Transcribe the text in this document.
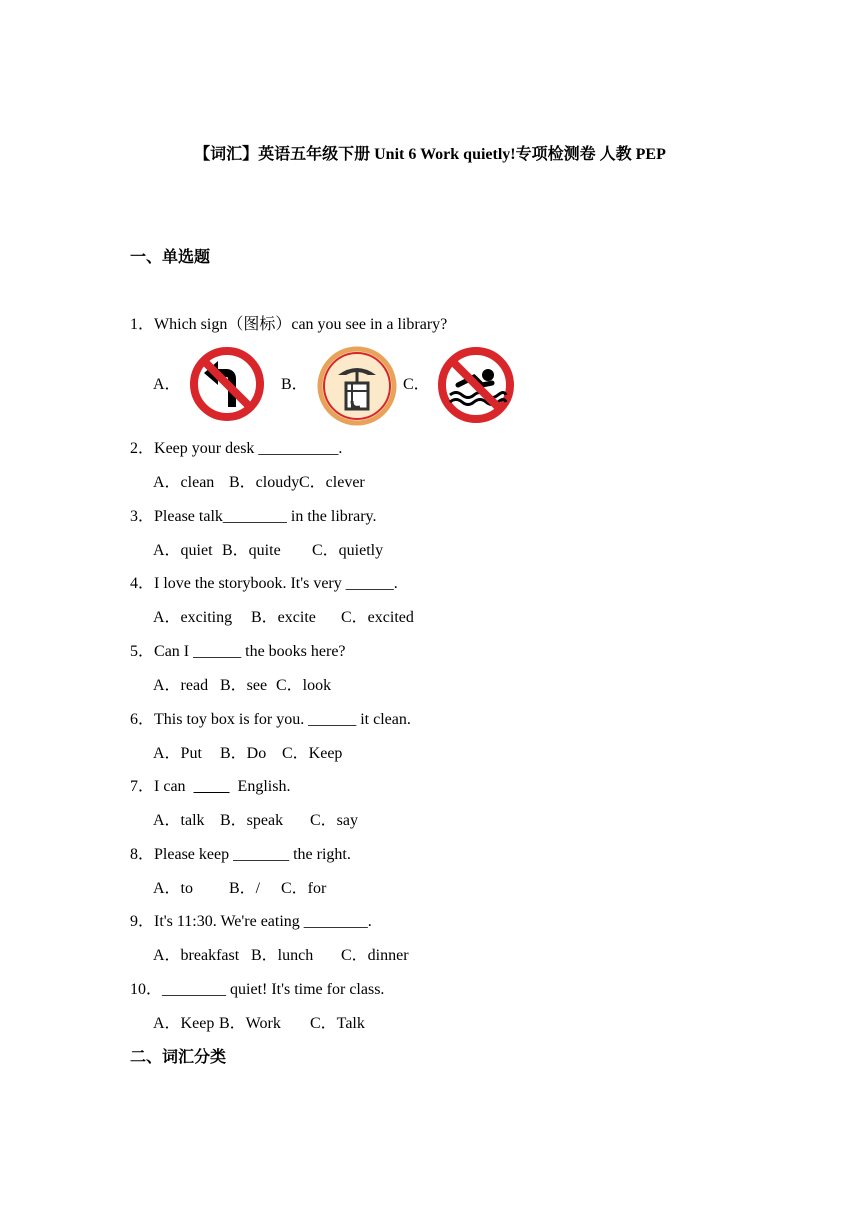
【词汇】英语五年级下册 Unit 6 Work quietly!专项检测卷 人教 PEP
一、单选题
1．Which sign（图标）can you see in a library?
A．	B．	C．
2．Keep your desk __________.
A．clean B．cloudyC．clever
3．Please talk________ in the library.
A．quiet B．quite C．quietly
4．I love the storybook. It's very ______.
A．exciting B．excite C．excited
5．Can I ______ the books here?
A．read B．see C．look
6．This toy box is for you. ______ it clean.
A．Put B．Do C．Keep
7．I can             English.
A．talk B．speak C．say
8．Please keep _______ the right.
A．to B．/ C．for
9．It's 11:30. We're eating ________.
A．breakfast B．lunch C．dinner
10．________ quiet! It's time for class.
A．Keep B．Work C．Talk
二、词汇分类
